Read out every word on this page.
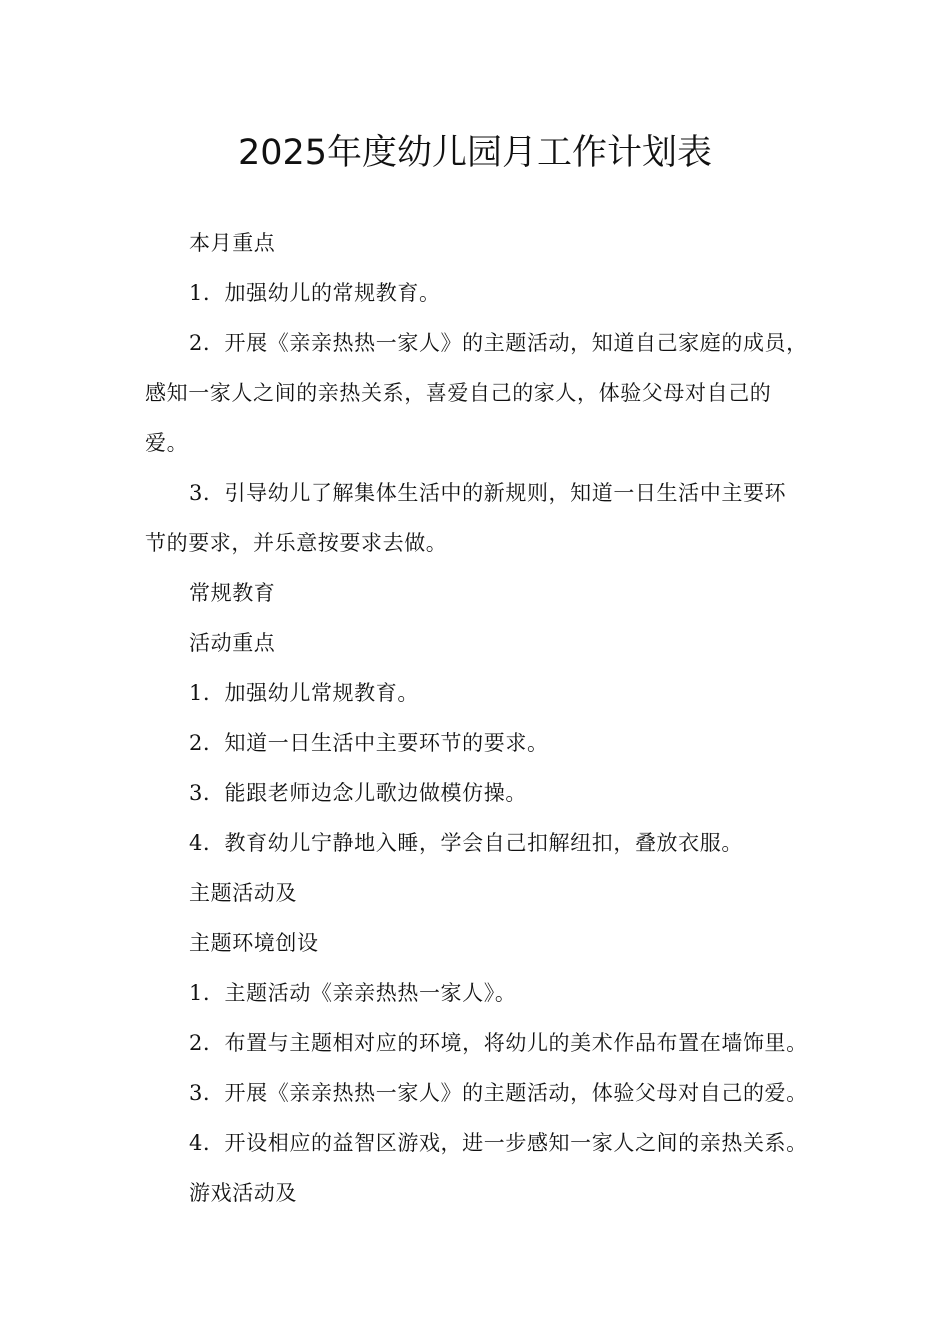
2025年度幼儿园月工作计划表

本月重点

1．加强幼儿的常规教育。

2．开展《亲亲热热一家人》的主题活动，知道自己家庭的成员，

感知一家人之间的亲热关系，喜爱自己的家人，体验父母对自己的

爱。

3．引导幼儿了解集体生活中的新规则，知道一日生活中主要环

节的要求，并乐意按要求去做。

常规教育

活动重点

1．加强幼儿常规教育。

2．知道一日生活中主要环节的要求。

3．能跟老师边念儿歌边做模仿操。

4．教育幼儿宁静地入睡，学会自己扣解纽扣，叠放衣服。

主题活动及

主题环境创设

1．主题活动《亲亲热热一家人》。

2．布置与主题相对应的环境，将幼儿的美术作品布置在墙饰里。

3．开展《亲亲热热一家人》的主题活动，体验父母对自己的爱。

4．开设相应的益智区游戏，进一步感知一家人之间的亲热关系。

游戏活动及
